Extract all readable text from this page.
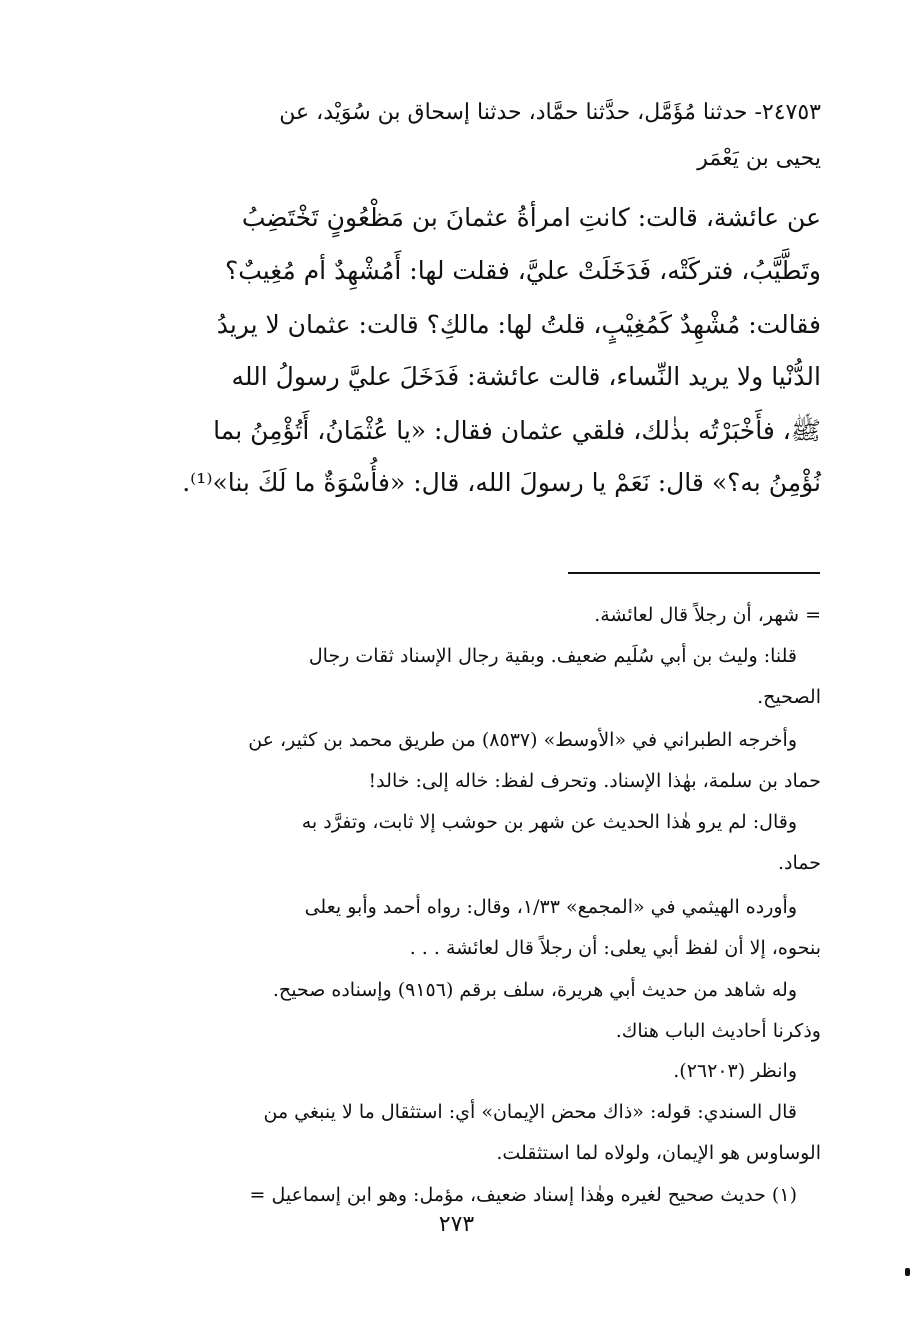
٢٤٧٥٣- حدثنا مُؤَمَّل، حدَّثنا حمَّاد، حدثنا إسحاق بن سُوَيْد، عن
يحيى بن يَعْمَر
عن عائشة، قالت: كانتِ امرأةُ عثمانَ بن مَظْعُونٍ تَخْتَضِبُ
وتَطَّيَّبُ، فتركَتْه، فَدَخَلَتْ عليَّ، فقلت لها: أَمُشْهِدٌ أم مُغِيبٌ؟
فقالت: مُشْهِدٌ كَمُغِيْبٍ، قلتُ لها: مالكِ؟ قالت: عثمان لا يريدُ
الدُّنْيا ولا يريد النِّساء، قالت عائشة: فَدَخَلَ عليَّ رسولُ الله
ﷺ، فأَخْبَرْتُه بذٰلك، فلقي عثمان فقال: «يا عُثْمَانُ، أَتُؤْمِنُ بما
نُؤْمِنُ به؟» قال: نَعَمْ يا رسولَ الله، قال: «فأُسْوَةٌ ما لَكَ بنا»⁽¹⁾.
= شهر، أن رجلاً قال لعائشة.
قلنا: وليث بن أبي سُلَيم ضعيف. وبقية رجال الإسناد ثقات رجال
الصحيح.
وأخرجه الطبراني في «الأوسط» (٨٥٣٧) من طريق محمد بن كثير، عن
حماد بن سلمة، بهٰذا الإسناد. وتحرف لفظ: خاله إلى: خالد!
وقال: لم يرو هٰذا الحديث عن شهر بن حوشب إلا ثابت، وتفرَّد به
حماد.
وأورده الهيثمي في «المجمع» ١/٣٣، وقال: رواه أحمد وأبو يعلى
بنحوه، إلا أن لفظ أبي يعلى: أن رجلاً قال لعائشة . . .
وله شاهد من حديث أبي هريرة، سلف برقم (٩١٥٦) وإسناده صحيح.
وذكرنا أحاديث الباب هناك.
وانظر (٢٦٢٠٣).
قال السندي: قوله: «ذاك محض الإيمان» أي: استثقال ما لا ينبغي من
الوساوس هو الإيمان، ولولاه لما استثقلت.
(١) حديث صحيح لغيره وهٰذا إسناد ضعيف، مؤمل: وهو ابن إسماعيل =
٢٧٣
